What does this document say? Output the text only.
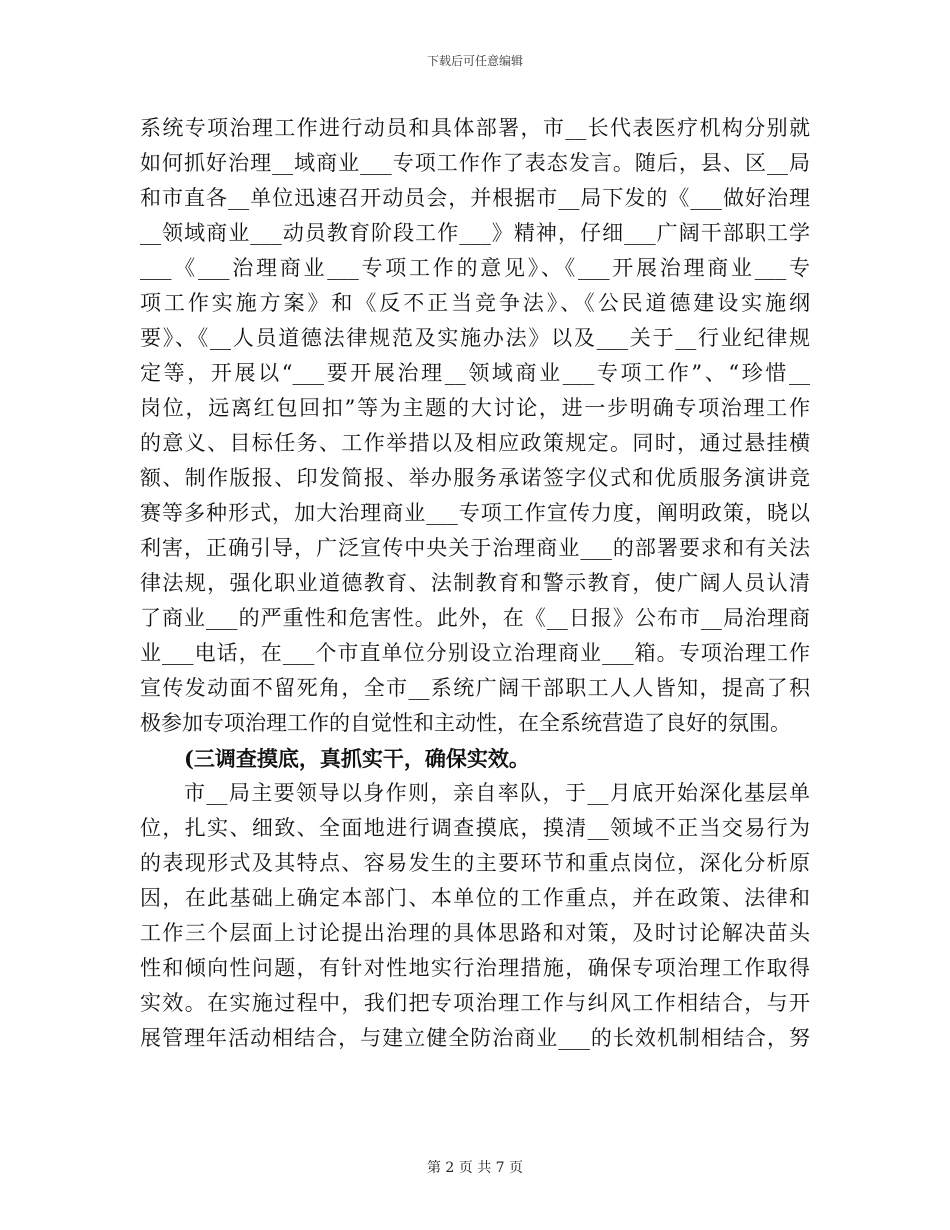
下载后可任意编辑
系统专项治理工作进行动员和具体部署，市__长代表医疗机构分别就
如何抓好治理__域商业___专项工作作了表态发言。随后，县、区__局
和市直各__单位迅速召开动员会，并根据市__局下发的《___做好治理
__领域商业___动员教育阶段工作___》精神，仔细___广阔干部职工学
___《___治理商业___专项工作的意见》、《___开展治理商业___专
项工作实施方案》和《反不正当竞争法》、《公民道德建设实施纲
要》、《__人员道德法律规范及实施办法》以及___关于__行业纪律规
定等，开展以“___要开展治理__领域商业___专项工作”、“珍惜__
岗位，远离红包回扣”等为主题的大讨论，进一步明确专项治理工作
的意义、目标任务、工作举措以及相应政策规定。同时，通过悬挂横
额、制作版报、印发简报、举办服务承诺签字仪式和优质服务演讲竞
赛等多种形式，加大治理商业___专项工作宣传力度，阐明政策，晓以
利害，正确引导，广泛宣传中央关于治理商业___的部署要求和有关法
律法规，强化职业道德教育、法制教育和警示教育，使广阔人员认清
了商业___的严重性和危害性。此外，在《__日报》公布市__局治理商
业___电话，在___个市直单位分别设立治理商业___箱。专项治理工作
宣传发动面不留死角，全市__系统广阔干部职工人人皆知，提高了积
极参加专项治理工作的自觉性和主动性，在全系统营造了良好的氛围。
(三调查摸底，真抓实干，确保实效。
市__局主要领导以身作则，亲自率队，于__月底开始深化基层单
位，扎实、细致、全面地进行调查摸底，摸清__领域不正当交易行为
的表现形式及其特点、容易发生的主要环节和重点岗位，深化分析原
因，在此基础上确定本部门、本单位的工作重点，并在政策、法律和
工作三个层面上讨论提出治理的具体思路和对策，及时讨论解决苗头
性和倾向性问题，有针对性地实行治理措施，确保专项治理工作取得
实效。在实施过程中，我们把专项治理工作与纠风工作相结合，与开
展管理年活动相结合，与建立健全防治商业___的长效机制相结合，努
第 2 页 共 7 页
